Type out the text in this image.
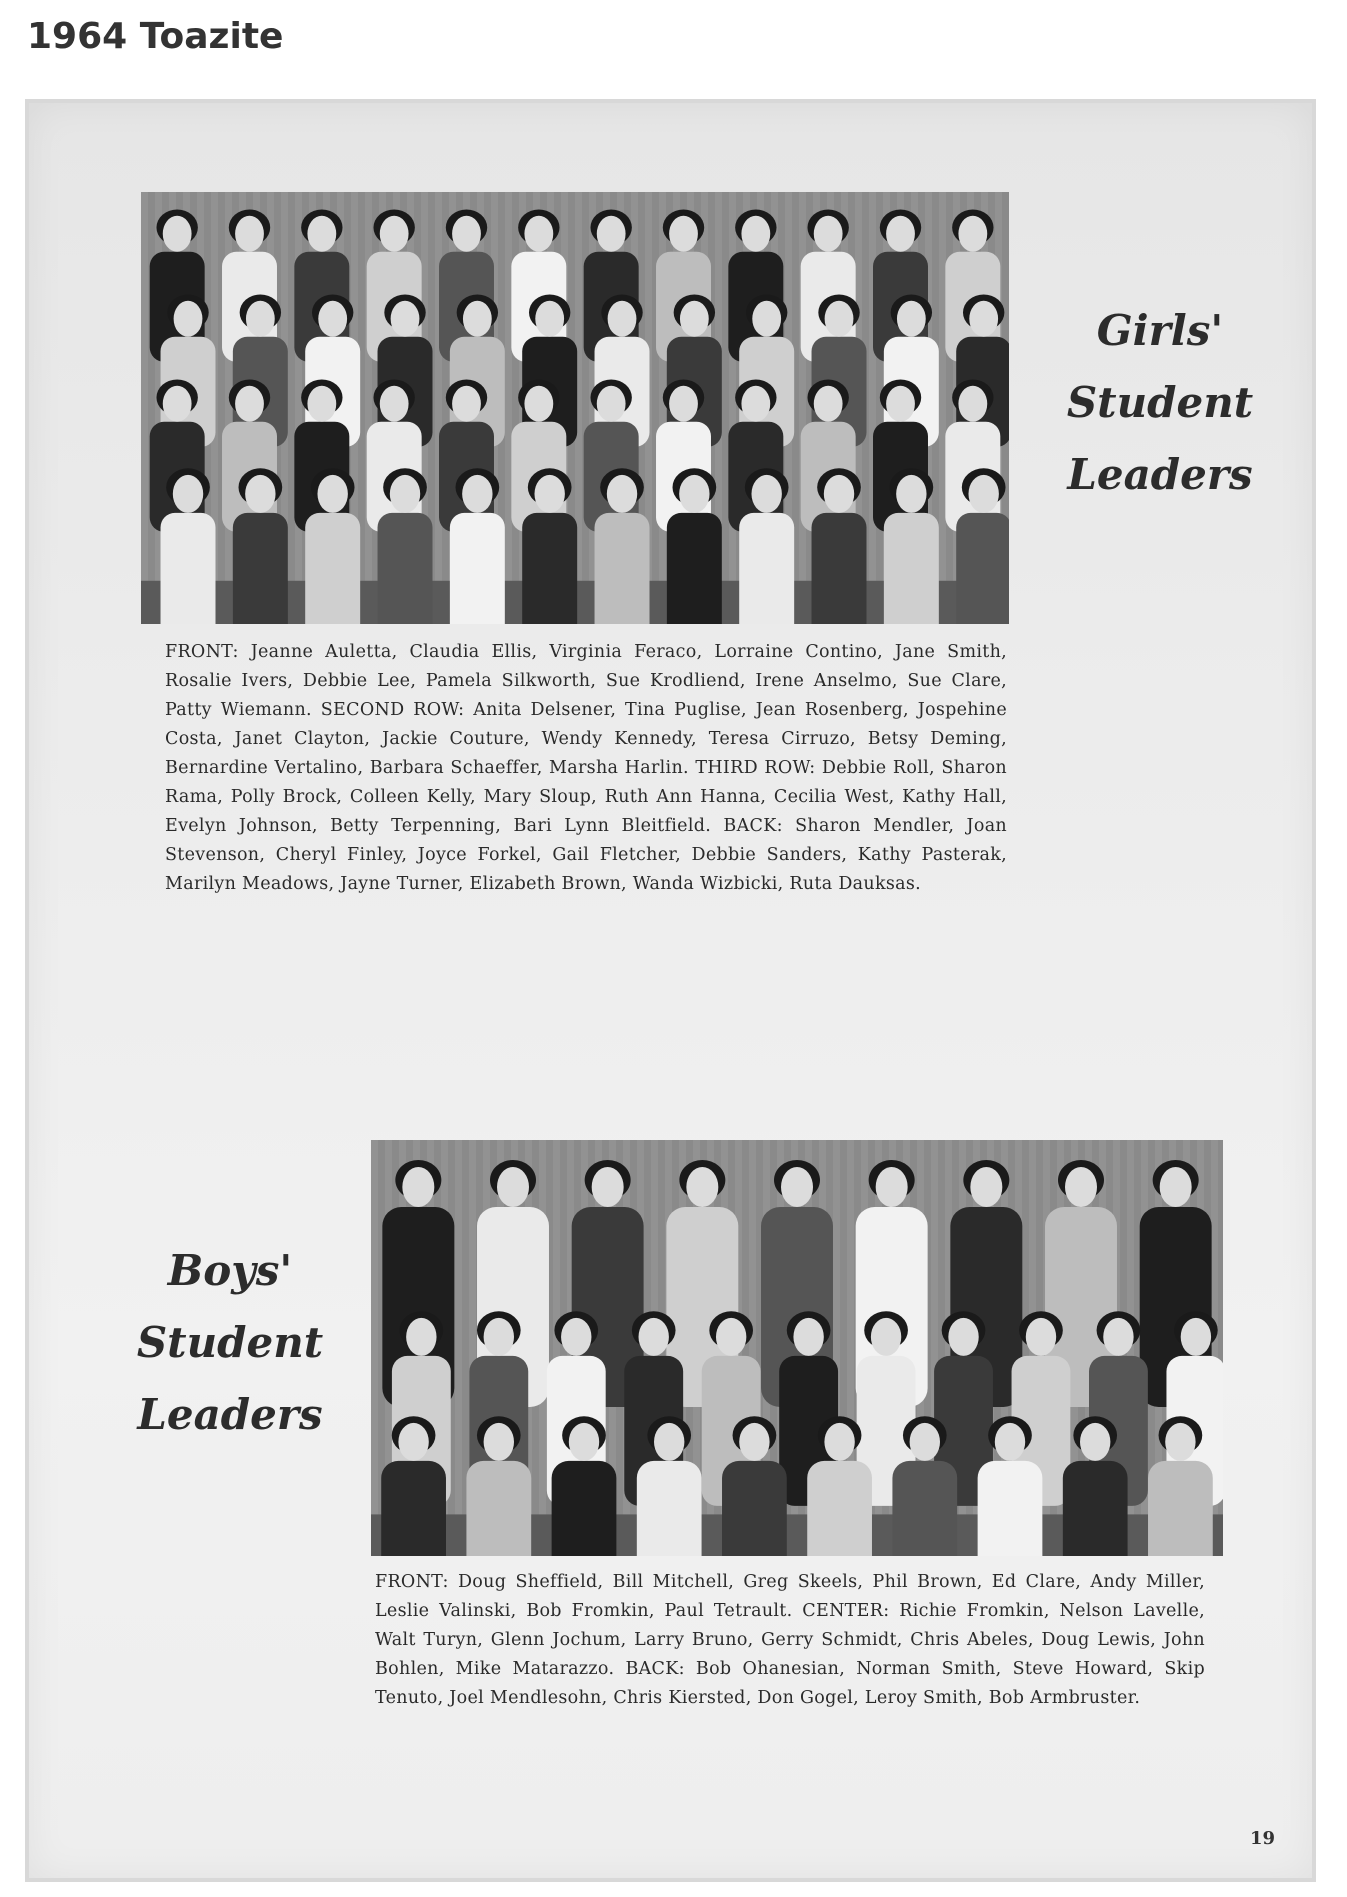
1964 Toazite
Girls'
Student
Leaders

FRONT: Jeanne Auletta, Claudia Ellis, Virginia Feraco, Lorraine Contino, Jane Smith, Rosalie Ivers, Debbie Lee, Pamela Silkworth, Sue Krodliend, Irene Anselmo, Sue Clare, Patty Wiemann. SECOND ROW: Anita Delsener, Tina Puglise, Jean Rosenberg, Jospehine Costa, Janet Clayton, Jackie Couture, Wendy Kennedy, Teresa Cirruzo, Betsy Deming, Bernardine Vertalino, Barbara Schaeffer, Marsha Harlin. THIRD ROW: Debbie Roll, Sharon Rama, Polly Brock, Colleen Kelly, Mary Sloup, Ruth Ann Hanna, Cecilia West, Kathy Hall, Evelyn Johnson, Betty Terpenning, Bari Lynn Bleitfield. BACK: Sharon Mendler, Joan Stevenson, Cheryl Finley, Joyce Forkel, Gail Fletcher, Debbie Sanders, Kathy Pasterak, Marilyn Meadows, Jayne Turner, Elizabeth Brown, Wanda Wizbicki, Ruta Dauksas.

Boys'
Student
Leaders

FRONT: Doug Sheffield, Bill Mitchell, Greg Skeels, Phil Brown, Ed Clare, Andy Miller, Leslie Valinski, Bob Fromkin, Paul Tetrault. CENTER: Richie Fromkin, Nelson Lavelle, Walt Turyn, Glenn Jochum, Larry Bruno, Gerry Schmidt, Chris Abeles, Doug Lewis, John Bohlen, Mike Matarazzo. BACK: Bob Ohanesian, Norman Smith, Steve Howard, Skip Tenuto, Joel Mendlesohn, Chris Kiersted, Don Gogel, Leroy Smith, Bob Armbruster.

19
